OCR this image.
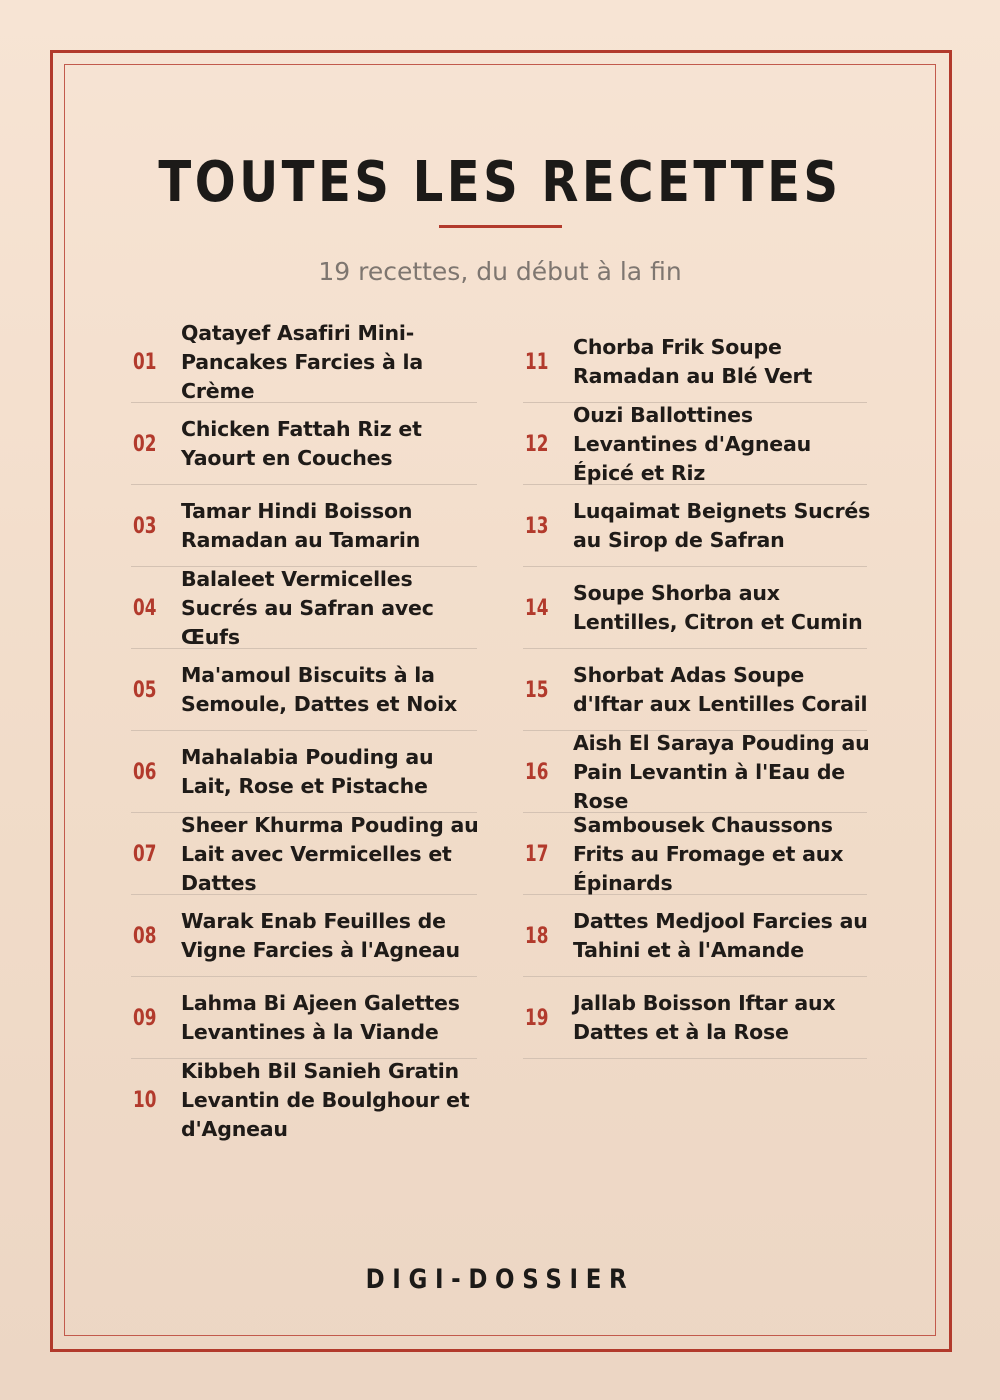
TOUTES LES RECETTES
19 recettes, du début à la fin
01
Qatayef Asafiri Mini-Pancakes Farcies à la Crème
02
Chicken Fattah Riz et Yaourt en Couches
03
Tamar Hindi Boisson Ramadan au Tamarin
04
Balaleet Vermicelles Sucrés au Safran avec Œufs
05
Ma'amoul Biscuits à la Semoule, Dattes et Noix
06
Mahalabia Pouding au Lait, Rose et Pistache
07
Sheer Khurma Pouding au Lait avec Vermicelles et Dattes
08
Warak Enab Feuilles de Vigne Farcies à l'Agneau
09
Lahma Bi Ajeen Galettes Levantines à la Viande
10
Kibbeh Bil Sanieh Gratin Levantin de Boulghour et d'Agneau
11
Chorba Frik Soupe Ramadan au Blé Vert
12
Ouzi Ballottines Levantines d'Agneau Épicé et Riz
13
Luqaimat Beignets Sucrés au Sirop de Safran
14
Soupe Shorba aux Lentilles, Citron et Cumin
15
Shorbat Adas Soupe d'Iftar aux Lentilles Corail
16
Aish El Saraya Pouding au Pain Levantin à l'Eau de Rose
17
Sambousek Chaussons Frits au Fromage et aux Épinards
18
Dattes Medjool Farcies au Tahini et à l'Amande
19
Jallab Boisson Iftar aux Dattes et à la Rose
DIGI-DOSSIER
